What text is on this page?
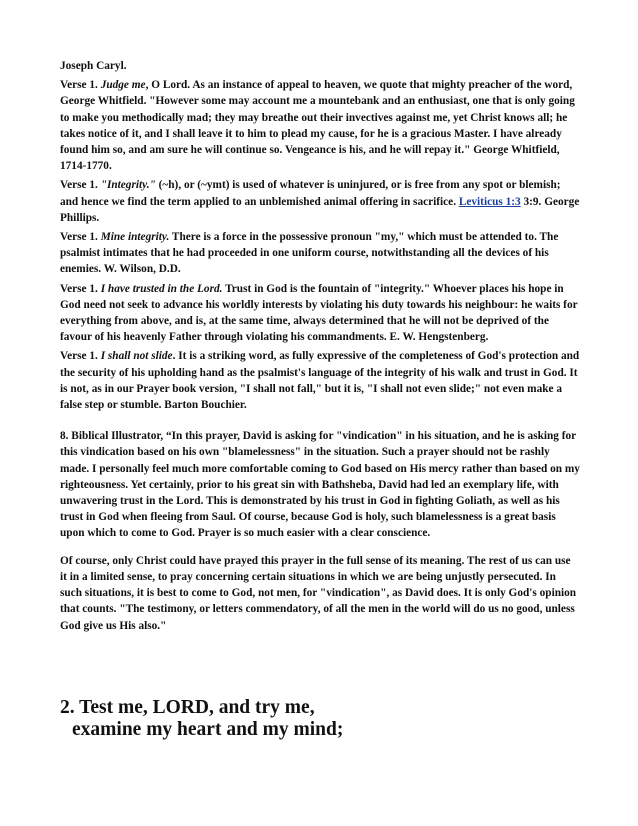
Joseph Caryl.

Verse 1. Judge me, O Lord. As an instance of appeal to heaven, we quote that mighty preacher of the word, George Whitfield. "However some may account me a mountebank and an enthusiast, one that is only going to make you methodically mad; they may breathe out their invectives against me, yet Christ knows all; he takes notice of it, and I shall leave it to him to plead my cause, for he is a gracious Master. I have already found him so, and am sure he will continue so. Vengeance is his, and he will repay it." George Whitfield, 1714-1770.

Verse 1. "Integrity." (~h), or (~ymt) is used of whatever is uninjured, or is free from any spot or blemish; and hence we find the term applied to an unblemished animal offering in sacrifice. Leviticus 1:3 3:9. George Phillips.

Verse 1. Mine integrity. There is a force in the possessive pronoun "my," which must be attended to. The psalmist intimates that he had proceeded in one uniform course, notwithstanding all the devices of his enemies. W. Wilson, D.D.

Verse 1. I have trusted in the Lord. Trust in God is the fountain of "integrity." Whoever places his hope in God need not seek to advance his worldly interests by violating his duty towards his neighbour: he waits for everything from above, and is, at the same time, always determined that he will not be deprived of the favour of his heavenly Father through violating his commandments. E. W. Hengstenberg.

Verse 1. I shall not slide. It is a striking word, as fully expressive of the completeness of God's protection and the security of his upholding hand as the psalmist's language of the integrity of his walk and trust in God. It is not, as in our Prayer book version, "I shall not fall," but it is, "I shall not even slide;" not even make a false step or stumble. Barton Bouchier.

8. Biblical Illustrator, “In this prayer, David is asking for "vindication" in his situation, and he is asking for this vindication based on his own "blamelessness" in the situation. Such a prayer should not be rashly made. I personally feel much more comfortable coming to God based on His mercy rather than based on my righteousness. Yet certainly, prior to his great sin with Bathsheba, David had led an exemplary life, with unwavering trust in the Lord. This is demonstrated by his trust in God in fighting Goliath, as well as his trust in God when fleeing from Saul. Of course, because God is holy, such blamelessness is a great basis upon which to come to God. Prayer is so much easier with a clear conscience.

Of course, only Christ could have prayed this prayer in the full sense of its meaning. The rest of us can use it in a limited sense, to pray concerning certain situations in which we are being unjustly persecuted. In such situations, it is best to come to God, not men, for "vindication", as David does. It is only God's opinion that counts. "The testimony, or letters commendatory, of all the men in the world will do us no good, unless God give us His also."

2. Test me, LORD, and try me,
examine my heart and my mind;
